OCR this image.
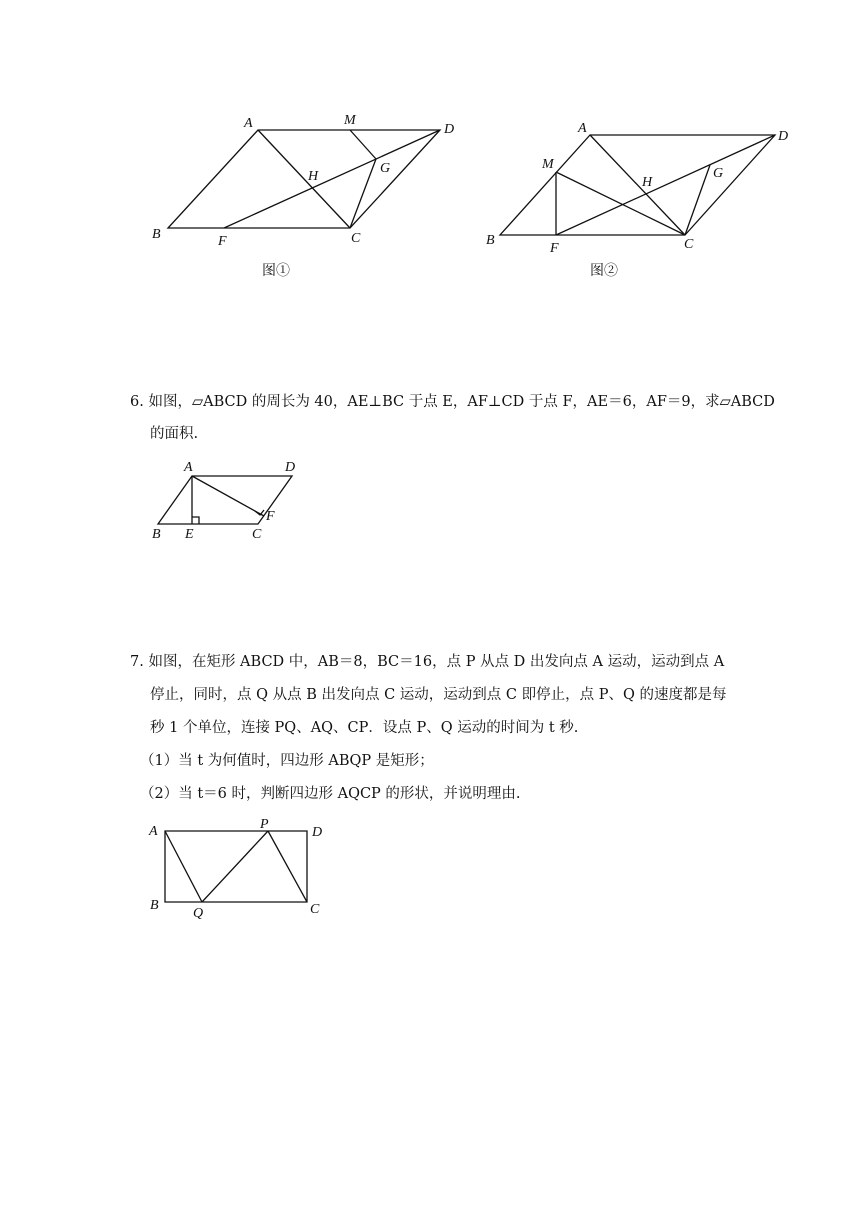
A	M
D
H
G
B	F	C
图①
A
D
M
H
G
B
F	C
图②
6. 如图，▱ABCD 的周长为 40，AE⊥BC 于点 E，AF⊥CD 于点 F，AE＝6，AF＝9，求▱ABCD
的面积.
A	D
B E	C
F
7. 如图，在矩形 ABCD 中，AB＝8，BC＝16，点 P 从点 D 出发向点 A 运动，运动到点 A
停止，同时，点 Q 从点 B 出发向点 C 运动，运动到点 C 即停止，点 P、Q 的速度都是每
秒 1 个单位，连接 PQ、AQ、CP．设点 P、Q 运动的时间为 t 秒.
（1）当 t 为何值时，四边形 ABQP 是矩形；
（2）当 t＝6 时，判断四边形 AQCP 的形状，并说明理由.
A	P
D
B
Q	C
